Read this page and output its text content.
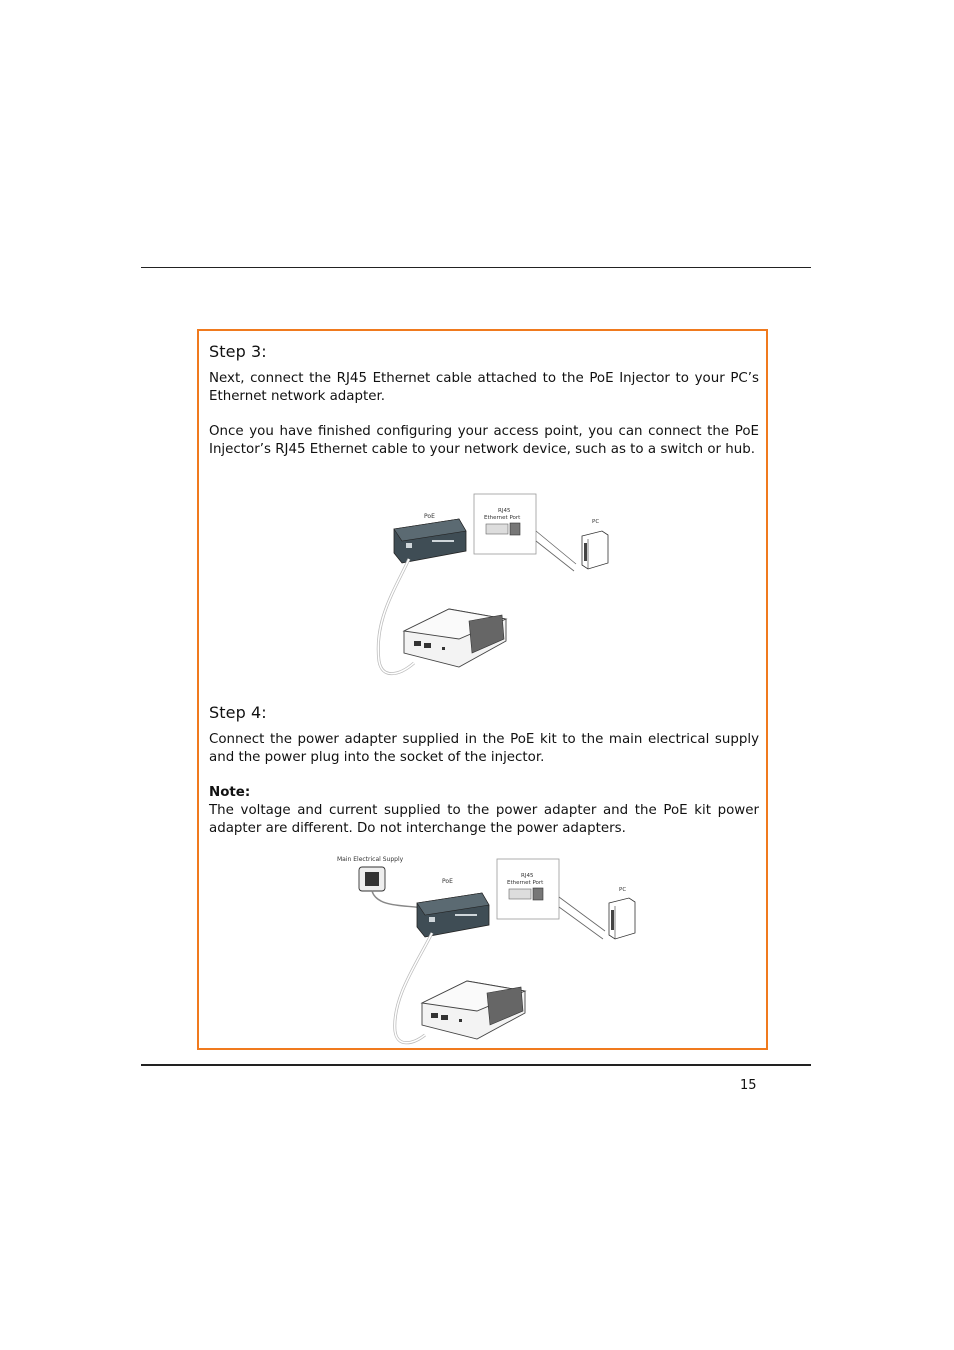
Step 3:

Next, connect the RJ45 Ethernet cable attached to the PoE Injector to your PC’s Ethernet network adapter.

Once you have finished configuring your access point, you can connect the PoE Injector’s RJ45 Ethernet cable to your network device, such as to a switch or hub.

PoE
RJ45
Ethernet Port
PC
Step 4:

Connect the power adapter supplied in the PoE kit to the main electrical supply and the power plug into the socket of the injector.

Note:

The voltage and current supplied to the power adapter and the PoE kit power adapter are different. Do not interchange the power adapters.

Main Electrical Supply
PoE
RJ45
Ethernet Port
PC
15
